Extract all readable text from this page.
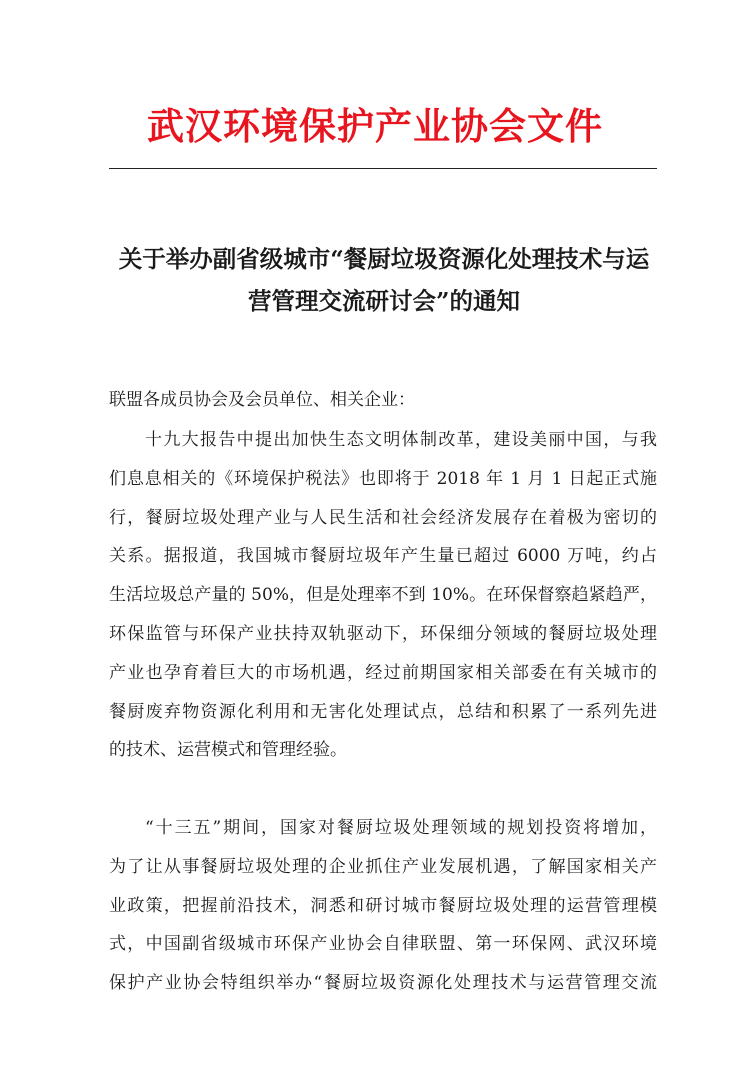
武汉环境保护产业协会文件
关于举办副省级城市“餐厨垃圾资源化处理技术与运
营管理交流研讨会”的通知
联盟各成员协会及会员单位、相关企业：
十九大报告中提出加快生态文明体制改革，建设美丽中国，与我
们息息相关的《环境保护税法》也即将于 2018 年 1 月 1 日起正式施
行，餐厨垃圾处理产业与人民生活和社会经济发展存在着极为密切的
关系。据报道，我国城市餐厨垃圾年产生量已超过 6000 万吨，约占
生活垃圾总产量的 50%，但是处理率不到 10%。在环保督察趋紧趋严，
环保监管与环保产业扶持双轨驱动下，环保细分领域的餐厨垃圾处理
产业也孕育着巨大的市场机遇，经过前期国家相关部委在有关城市的
餐厨废弃物资源化利用和无害化处理试点，总结和积累了一系列先进
的技术、运营模式和管理经验。
“十三五”期间，国家对餐厨垃圾处理领域的规划投资将增加，
为了让从事餐厨垃圾处理的企业抓住产业发展机遇，了解国家相关产
业政策，把握前沿技术，洞悉和研讨城市餐厨垃圾处理的运营管理模
式，中国副省级城市环保产业协会自律联盟、第一环保网、武汉环境
保护产业协会特组织举办“餐厨垃圾资源化处理技术与运营管理交流
